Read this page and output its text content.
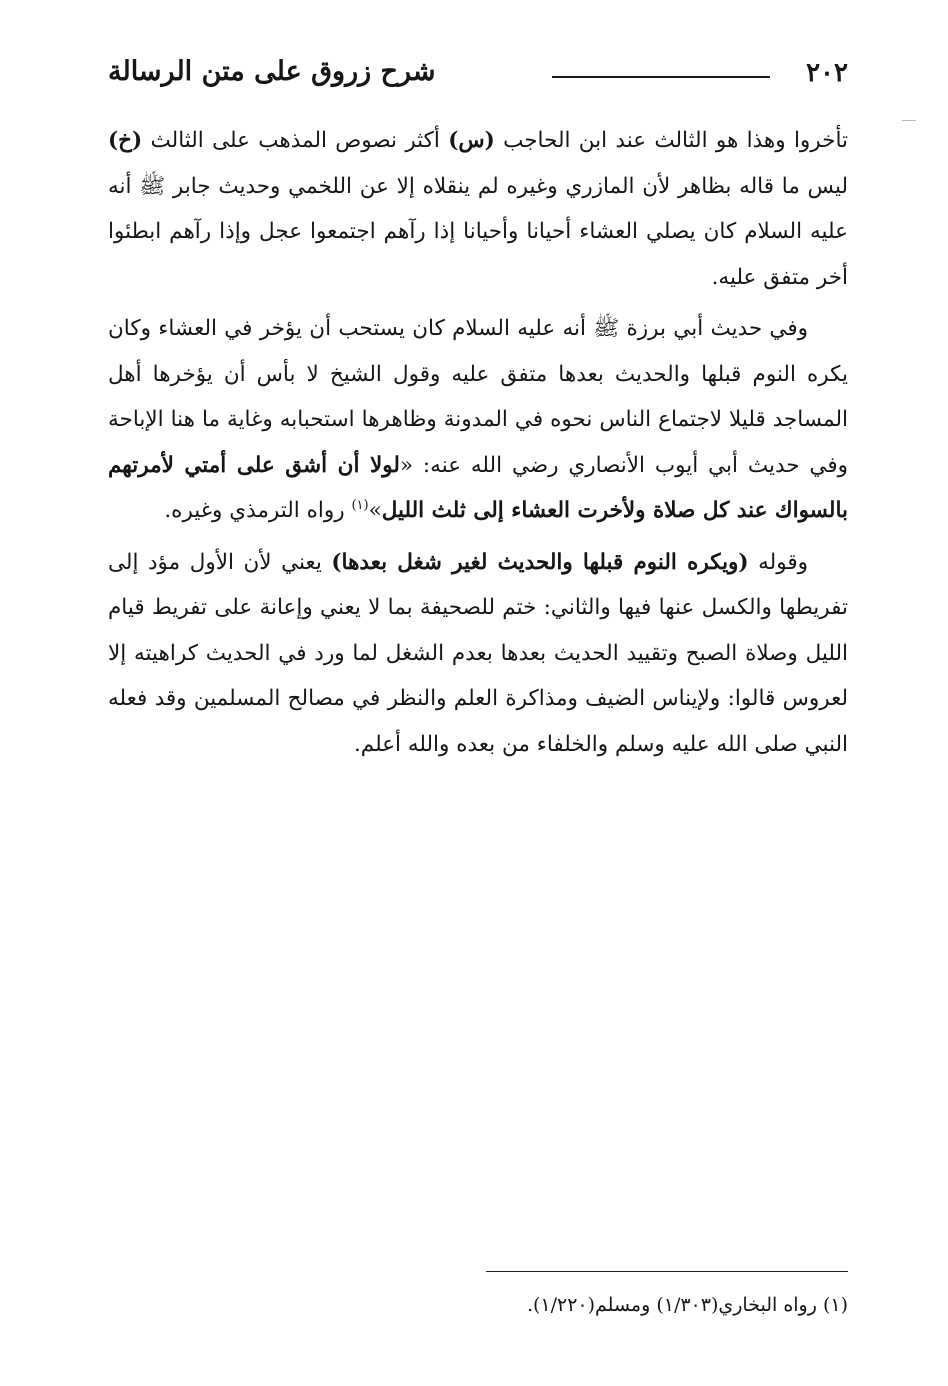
٢٠٢
شرح زروق على متن الرسالة

تأخروا وهذا هو الثالث عند ابن الحاجب (س) أكثر نصوص المذهب على الثالث (خ) ليس ما قاله بظاهر لأن المازري وغيره لم ينقلاه إلا عن اللخمي وحديث جابر ﷺ أنه عليه السلام كان يصلي العشاء أحيانا وأحيانا إذا رآهم اجتمعوا عجل وإذا رآهم ابطئوا أخر متفق عليه.

وفي حديث أبي برزة ﷺ أنه عليه السلام كان يستحب أن يؤخر في العشاء وكان يكره النوم قبلها والحديث بعدها متفق عليه وقول الشيخ لا بأس أن يؤخرها أهل المساجد قليلا لاجتماع الناس نحوه في المدونة وظاهرها استحبابه وغاية ما هنا الإباحة وفي حديث أبي أيوب الأنصاري رضي الله عنه: «لولا أن أشق على أمتي لأمرتهم بالسواك عند كل صلاة ولأخرت العشاء إلى ثلث الليل»$^{(١)}$ رواه الترمذي وغيره.

وقوله (ويكره النوم قبلها والحديث لغير شغل بعدها) يعني لأن الأول مؤد إلى تفريطها والكسل عنها فيها والثاني: ختم للصحيفة بما لا يعني وإعانة على تفريط قيام الليل وصلاة الصبح وتقييد الحديث بعدها بعدم الشغل لما ورد في الحديث كراهيته إلا لعروس قالوا: ولإيناس الضيف ومذاكرة العلم والنظر في مصالح المسلمين وقد فعله النبي صلى الله عليه وسلم والخلفاء من بعده والله أعلم.

(١) رواه البخاري(١/٣٠٣) ومسلم(١/٢٢٠).
